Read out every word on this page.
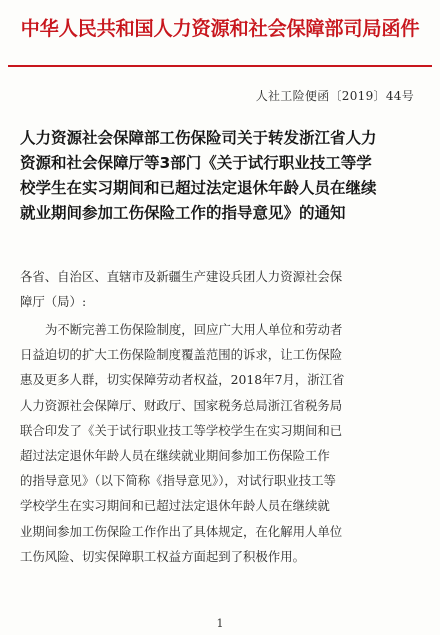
中华人民共和国人力资源和社会保障部司局函件
人社工险便函〔2019〕44号
人力资源社会保障部工伤保险司关于转发浙江省人力
资源和社会保障厅等3部门《关于试行职业技工等学
校学生在实习期间和已超过法定退休年龄人员在继续
就业期间参加工伤保险工作的指导意见》的通知
各省、自治区、直辖市及新疆生产建设兵团人力资源社会保
障厅（局）:
为不断完善工伤保险制度，回应广大用人单位和劳动者
日益迫切的扩大工伤保险制度覆盖范围的诉求，让工伤保险
惠及更多人群，切实保障劳动者权益，2018年7月，浙江省
人力资源社会保障厅、财政厅、国家税务总局浙江省税务局
联合印发了《关于试行职业技工等学校学生在实习期间和已
超过法定退休年龄人员在继续就业期间参加工伤保险工作
的指导意见》（以下简称《指导意见》），对试行职业技工等
学校学生在实习期间和已超过法定退休年龄人员在继续就
业期间参加工伤保险工作作出了具体规定，在化解用人单位
工伤风险、切实保障职工权益方面起到了积极作用。
1
